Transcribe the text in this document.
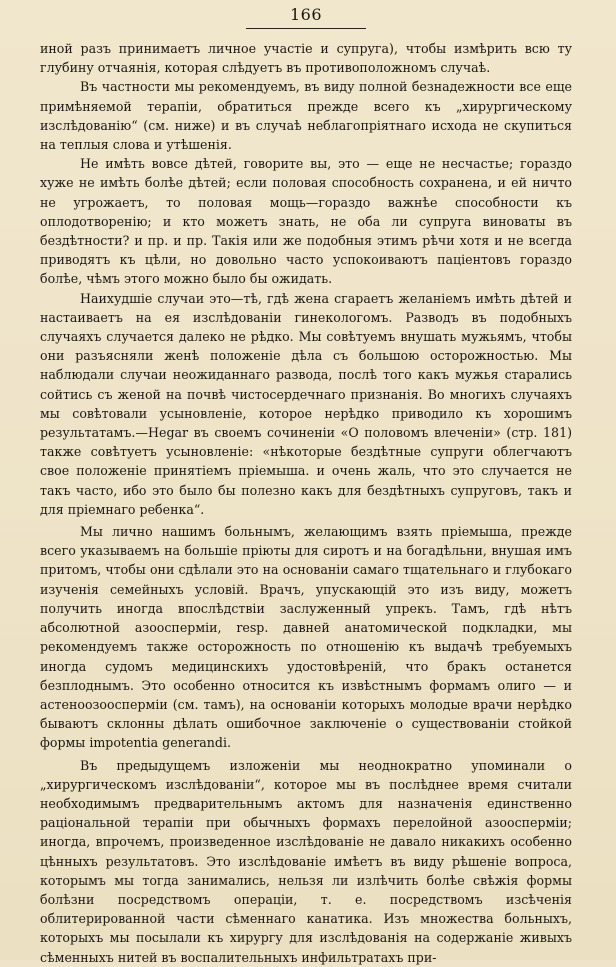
166

иной разъ принимаетъ личное участіе и супруга), чтобы измѣрить всю ту глубину отчаянія, которая слѣдуетъ въ противоположномъ случаѣ.

Въ частности мы рекомендуемъ, въ виду полной безнадежности все еще примѣняемой терапіи, обратиться прежде всего къ „хирургическому изслѣдованію“ (см. ниже) и въ случаѣ неблагопріятнаго исхода не скупиться на теплыя слова и утѣшенія.

Не имѣть вовсе дѣтей, говорите вы, это — еще не несчастье; гораздо хуже не имѣть болѣе дѣтей; если половая способность сохранена, и ей ничто не угрожаетъ, то половая мощь—гораздо важнѣе способности къ оплодотворенію; и кто можетъ знать, не оба ли супруга виноваты въ бездѣтности? и пр. и пр. Такія или же подобныя этимъ рѣчи хотя и не всегда приводятъ къ цѣли, но довольно часто успокоиваютъ пацiентовъ гораздо болѣе, чѣмъ этого можно было бы ожидать.

Наихудшіе случаи это—тѣ, гдѣ жена сгараетъ желаніемъ имѣть дѣтей и настаиваетъ на ея изслѣдованіи гинекологомъ. Разводъ въ подобныхъ случаяхъ случается далеко не рѣдко. Мы совѣтуемъ внушать мужьямъ, чтобы они разъясняли женѣ положеніе дѣла съ большою осторожностью. Мы наблюдали случаи неожиданнаго развода, послѣ того какъ мужья старались сойтись съ женой на почвѣ чистосердечнаго признанія. Во многихъ случаяхъ мы совѣтовали усыновленіе, которое нерѣдко приводило къ хорошимъ результатамъ.—Hegar въ своемъ сочиненіи «О половомъ влеченіи» (стр. 181) также совѣтуетъ усыновленіе: «нѣкоторые бездѣтные супруги облегчаютъ свое положеніе принятіемъ пріемыша. и очень жаль, что это случается не такъ часто, ибо это было бы полезно какъ для бездѣтныхъ супруговъ, такъ и для пріемнаго ребенка“.

Мы лично нашимъ больнымъ, желающимъ взять пріемыша, прежде всего указываемъ на большіе пріюты для сиротъ и на богадѣльни, внушая имъ притомъ, чтобы они сдѣлали это на основаніи самаго тщательнаго и глубокаго изученія семейныхъ условій. Врачъ, упускающій это изъ виду, можетъ получить иногда впослѣдствіи заслуженный упрекъ. Тамъ, гдѣ нѣтъ абсолютной азооспермiи, resp. давней анатомической подкладки, мы рекомендуемъ также осторожность по отношенію къ выдачѣ требуемыхъ иногда судомъ медицинскихъ удостовѣреній, что бракъ останется безплоднымъ. Это особенно относится къ извѣстнымъ формамъ олиго — и астеноозоосперміи (см. тамъ), на основаніи которыхъ молодые врачи нерѣдко бываютъ склонны дѣлать ошибочное заключеніе о существованіи стойкой формы impotentia generandi.

Въ предыдущемъ изложеніи мы неоднократно упоминали о „хирургическомъ изслѣдованіи“, которое мы въ послѣднее время считали необходимымъ предварительнымъ актомъ для назначенія единственно раціональной терапіи при обычныхъ формахъ перелойной азооспермiи; иногда, впрочемъ, произведенное изслѣдованіе не давало никакихъ особенно цѣнныхъ результатовъ. Это изслѣдованіе имѣетъ въ виду рѣшеніе вопроса, которымъ мы тогда занимались, нельзя ли излѣчить болѣе свѣжія формы болѣзни посредствомъ операціи, т. е. посредствомъ изсѣченія облитерированной части сѣменнаго канатика. Изъ множества больныхъ, которыхъ мы посылали къ хирургу для изслѣдованія на содержаніе живыхъ сѣменныхъ нитей въ воспалительныхъ инфильтратахъ при-
